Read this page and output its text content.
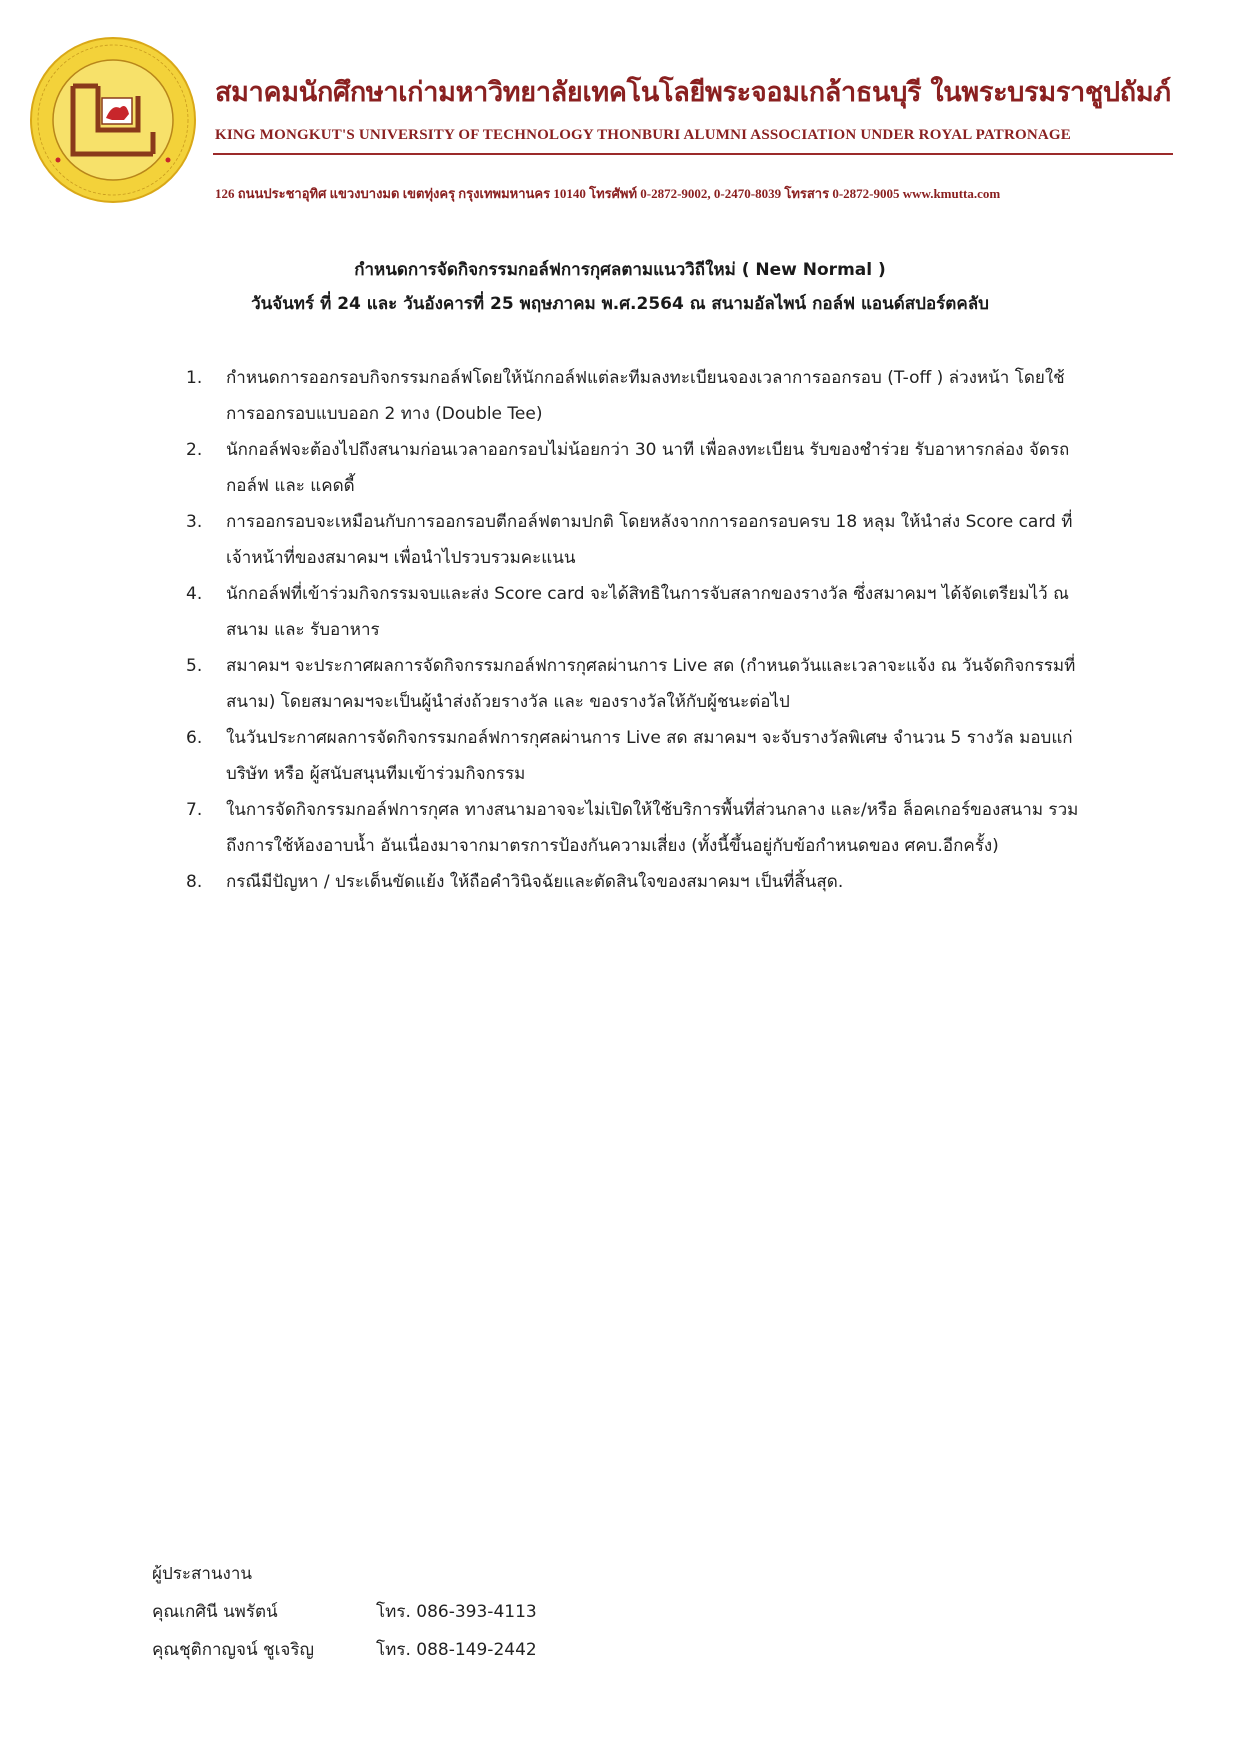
สมาคมนักศึกษาเก่ามหาวิทยาลัยเทคโนโลยีพระจอมเกล้าธนบุรี ในพระบรมราชูปถัมภ์
KING MONGKUT'S UNIVERSITY OF TECHNOLOGY THONBURI ALUMNI ASSOCIATION UNDER ROYAL PATRONAGE
126 ถนนประชาอุทิศ แขวงบางมด เขตทุ่งครุ กรุงเทพมหานคร 10140 โทรศัพท์ 0-2872-9002, 0-2470-8039 โทรสาร 0-2872-9005 www.kmutta.com
กำหนดการจัดกิจกรรมกอล์ฟการกุศลตามแนววิถีใหม่ ( New Normal )
วันจันทร์ ที่ 24 และ วันอังคารที่ 25 พฤษภาคม พ.ศ.2564 ณ สนามอัลไพน์ กอล์ฟ แอนด์สปอร์ตคลับ
1.	กำหนดการออกรอบกิจกรรมกอล์ฟโดยให้นักกอล์ฟแต่ละทีมลงทะเบียนจองเวลาการออกรอบ (T-off ) ล่วงหน้า โดยใช้การออกรอบแบบออก 2 ทาง (Double Tee)
2.	นักกอล์ฟจะต้องไปถึงสนามก่อนเวลาออกรอบไม่น้อยกว่า 30 นาที เพื่อลงทะเบียน รับของชำร่วย รับอาหารกล่อง จัดรถกอล์ฟ และ แคดดี้
3.	การออกรอบจะเหมือนกับการออกรอบตีกอล์ฟตามปกติ โดยหลังจากการออกรอบครบ 18 หลุม ให้นำส่ง Score card ที่เจ้าหน้าที่ของสมาคมฯ เพื่อนำไปรวบรวมคะแนน
4.	นักกอล์ฟที่เข้าร่วมกิจกรรมจบและส่ง Score card จะได้สิทธิในการจับสลากของรางวัล ซึ่งสมาคมฯ ได้จัดเตรียมไว้ ณ สนาม และ รับอาหาร
5.	สมาคมฯ จะประกาศผลการจัดกิจกรรมกอล์ฟการกุศลผ่านการ Live สด (กำหนดวันและเวลาจะแจ้ง ณ วันจัดกิจกรรมที่สนาม) โดยสมาคมฯจะเป็นผู้นำส่งถ้วยรางวัล และ ของรางวัลให้กับผู้ชนะต่อไป
6.	ในวันประกาศผลการจัดกิจกรรมกอล์ฟการกุศลผ่านการ Live สด สมาคมฯ จะจับรางวัลพิเศษ จำนวน 5 รางวัล มอบแก่บริษัท หรือ ผู้สนับสนุนทีมเข้าร่วมกิจกรรม
7.	ในการจัดกิจกรรมกอล์ฟการกุศล ทางสนามอาจจะไม่เปิดให้ใช้บริการพื้นที่ส่วนกลาง และ/หรือ ล็อคเกอร์ของสนาม รวมถึงการใช้ห้องอาบน้ำ อันเนื่องมาจากมาตรการป้องกันความเสี่ยง (ทั้งนี้ขึ้นอยู่กับข้อกำหนดของ ศคบ.อีกครั้ง)
8.	กรณีมีปัญหา / ประเด็นขัดแย้ง ให้ถือคำวินิจฉัยและตัดสินใจของสมาคมฯ เป็นที่สิ้นสุด.
ผู้ประสานงาน
คุณเกศินี นพรัตน์	โทร. 086-393-4113
คุณชุติกาญจน์ ชูเจริญ	โทร. 088-149-2442
